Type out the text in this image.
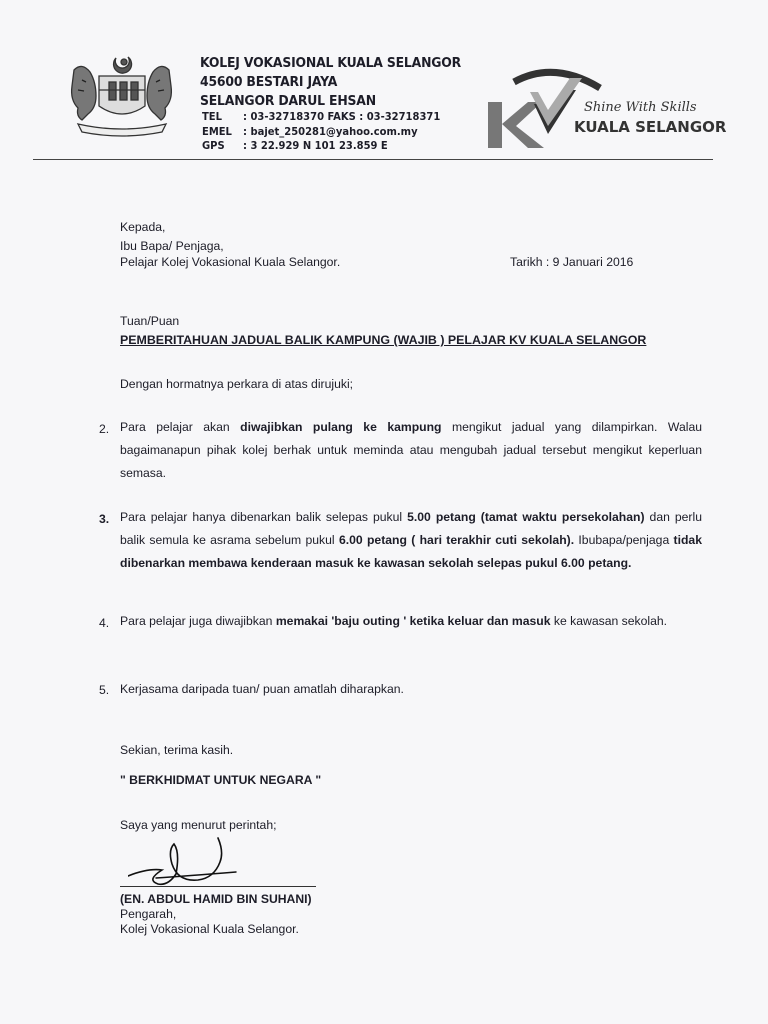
KOLEJ VOKASIONAL KUALA SELANGOR
45600 BESTARI JAYA
SELANGOR DARUL EHSAN
TEL : 03-32718370 FAKS : 03-32718371
EMEL : bajet_250281@yahoo.com.my
GPS : 3 22.929 N 101 23.859 E
Shine With Skills
KUALA SELANGOR
Kepada,
Ibu Bapa/ Penjaga,
Pelajar Kolej Vokasional Kuala Selangor.	Tarikh : 9 Januari 2016
Tuan/Puan
PEMBERITAHUAN JADUAL BALIK KAMPUNG (WAJIB ) PELAJAR KV KUALA SELANGOR
Dengan hormatnya perkara di atas dirujuki;
2. Para pelajar akan diwajibkan pulang ke kampung mengikut jadual yang dilampirkan. Walau bagaimanapun pihak kolej berhak untuk meminda atau mengubah jadual tersebut mengikut keperluan semasa.
3. Para pelajar hanya dibenarkan balik selepas pukul 5.00 petang (tamat waktu persekolahan) dan perlu balik semula ke asrama sebelum pukul 6.00 petang ( hari terakhir cuti sekolah). Ibubapa/penjaga tidak dibenarkan membawa kenderaan masuk ke kawasan sekolah selepas pukul 6.00 petang.
4. Para pelajar juga diwajibkan memakai 'baju outing ' ketika keluar dan masuk ke kawasan sekolah.
5. Kerjasama daripada tuan/ puan amatlah diharapkan.
Sekian, terima kasih.
" BERKHIDMAT UNTUK NEGARA "
Saya yang menurut perintah;
(EN. ABDUL HAMID BIN SUHANI)
Pengarah,
Kolej Vokasional Kuala Selangor.
